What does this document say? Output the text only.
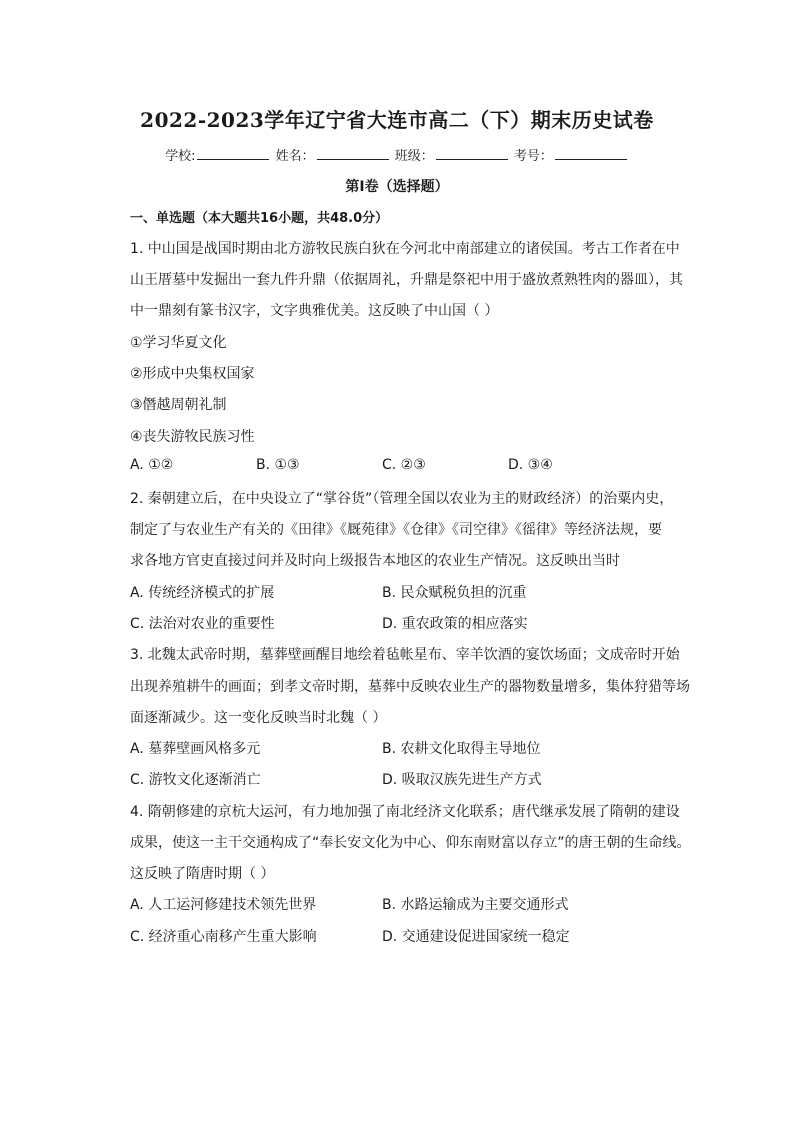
2022-2023学年辽宁省大连市高二（下）期末历史试卷
学校:	姓名：	班级：	考号：
第Ⅰ卷（选择题）
一、单选题（本大题共16小题，共48.0分）
1. 中山国是战国时期由北方游牧民族白狄在今河北中南部建立的诸侯国。考古工作者在中
山王厝墓中发掘出一套九件升鼎（依据周礼，升鼎是祭祀中用于盛放煮熟牲肉的器皿），其
中一鼎刻有篆书汉字，文字典雅优美。这反映了中山国（ ）
①学习华夏文化
②形成中央集权国家
③僭越周朝礼制
④丧失游牧民族习性
A. ①②	B. ①③	C. ②③	D. ③④
2. 秦朝建立后，在中央设立了“掌谷货”（管理全国以农业为主的财政经济）的治粟内史，
制定了与农业生产有关的《田律》《厩苑律》《仓律》《司空律》《徭律》等经济法规，要
求各地方官吏直接过问并及时向上级报告本地区的农业生产情况。这反映出当时
A. 传统经济模式的扩展	B. 民众赋税负担的沉重
C. 法治对农业的重要性	D. 重农政策的相应落实
3. 北魏太武帝时期，墓葬壁画醒目地绘着毡帐星布、宰羊饮酒的宴饮场面；文成帝时开始
出现养殖耕牛的画面；到孝文帝时期，墓葬中反映农业生产的器物数量增多，集体狩猎等场
面逐渐减少。这一变化反映当时北魏（ ）
A. 墓葬壁画风格多元	B. 农耕文化取得主导地位
C. 游牧文化逐渐消亡	D. 吸取汉族先进生产方式
4. 隋朝修建的京杭大运河，有力地加强了南北经济文化联系；唐代继承发展了隋朝的建设
成果，使这一主干交通构成了“奉长安文化为中心、仰东南财富以存立”的唐王朝的生命线。
这反映了隋唐时期（ ）
A. 人工运河修建技术领先世界	B. 水路运输成为主要交通形式
C. 经济重心南移产生重大影响	D. 交通建设促进国家统一稳定
